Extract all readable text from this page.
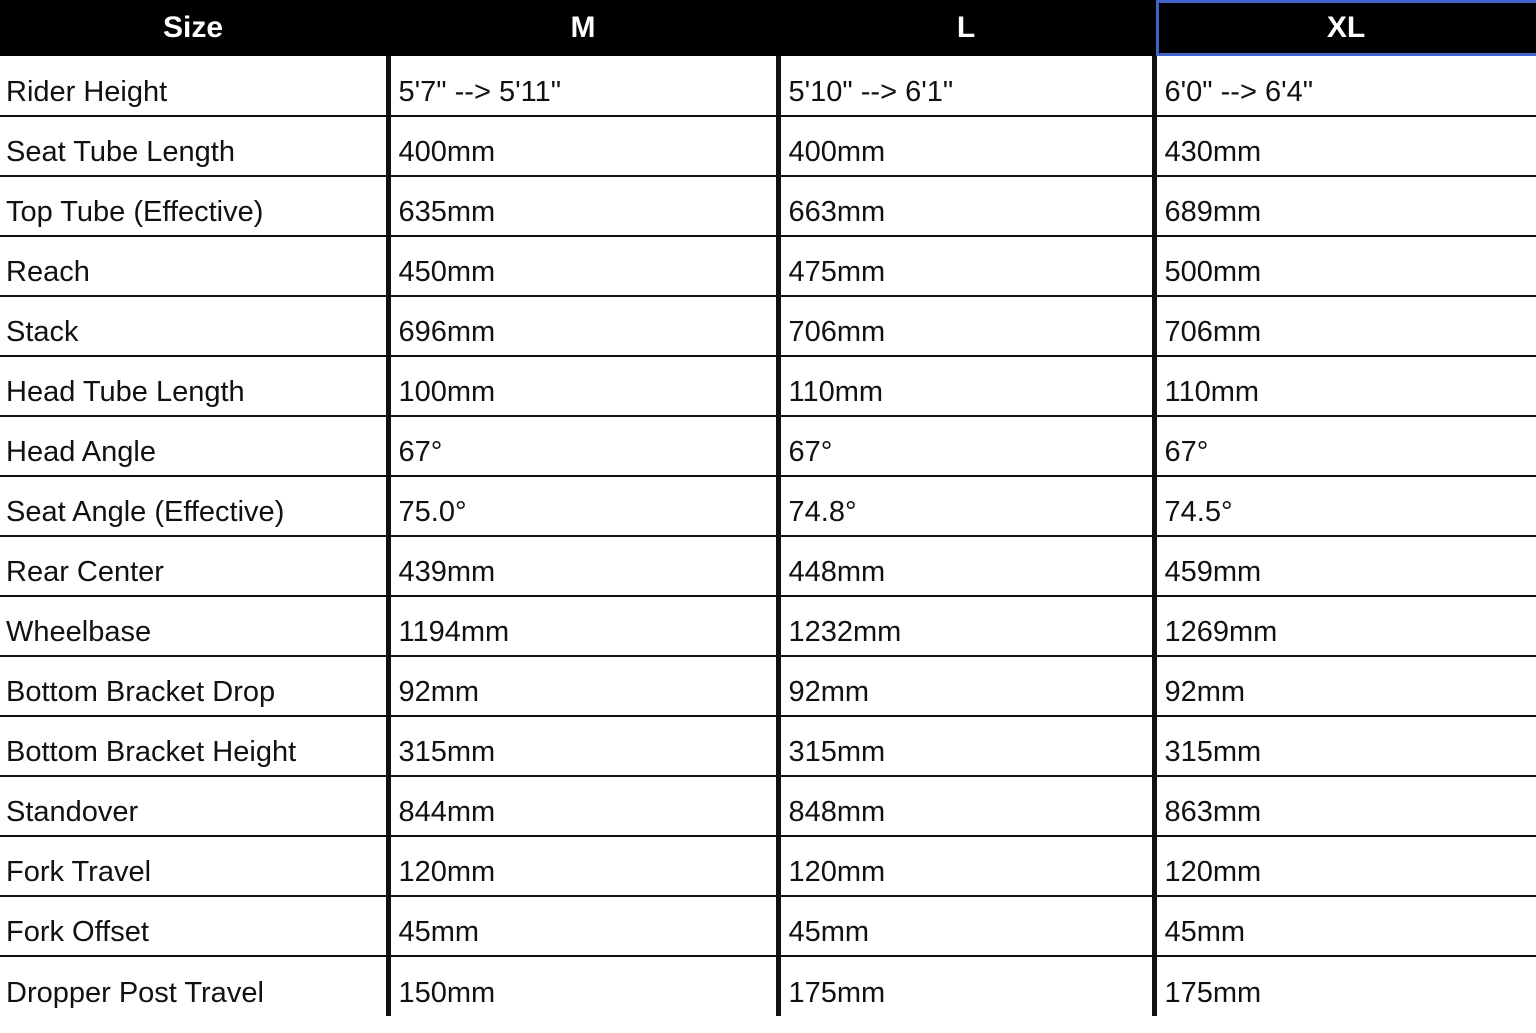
Size	M	L	XL
Rider Height	5'7" --> 5'11"	5'10" --> 6'1"	6'0" --> 6'4"
Seat Tube Length	400mm	400mm	430mm
Top Tube (Effective)	635mm	663mm	689mm
Reach	450mm	475mm	500mm
Stack	696mm	706mm	706mm
Head Tube Length	100mm	110mm	110mm
Head Angle	67°	67°	67°
Seat Angle (Effective)	75.0°	74.8°	74.5°
Rear Center	439mm	448mm	459mm
Wheelbase	1194mm	1232mm	1269mm
Bottom Bracket Drop	92mm	92mm	92mm
Bottom Bracket Height	315mm	315mm	315mm
Standover	844mm	848mm	863mm
Fork Travel	120mm	120mm	120mm
Fork Offset	45mm	45mm	45mm
Dropper Post Travel	150mm	175mm	175mm
